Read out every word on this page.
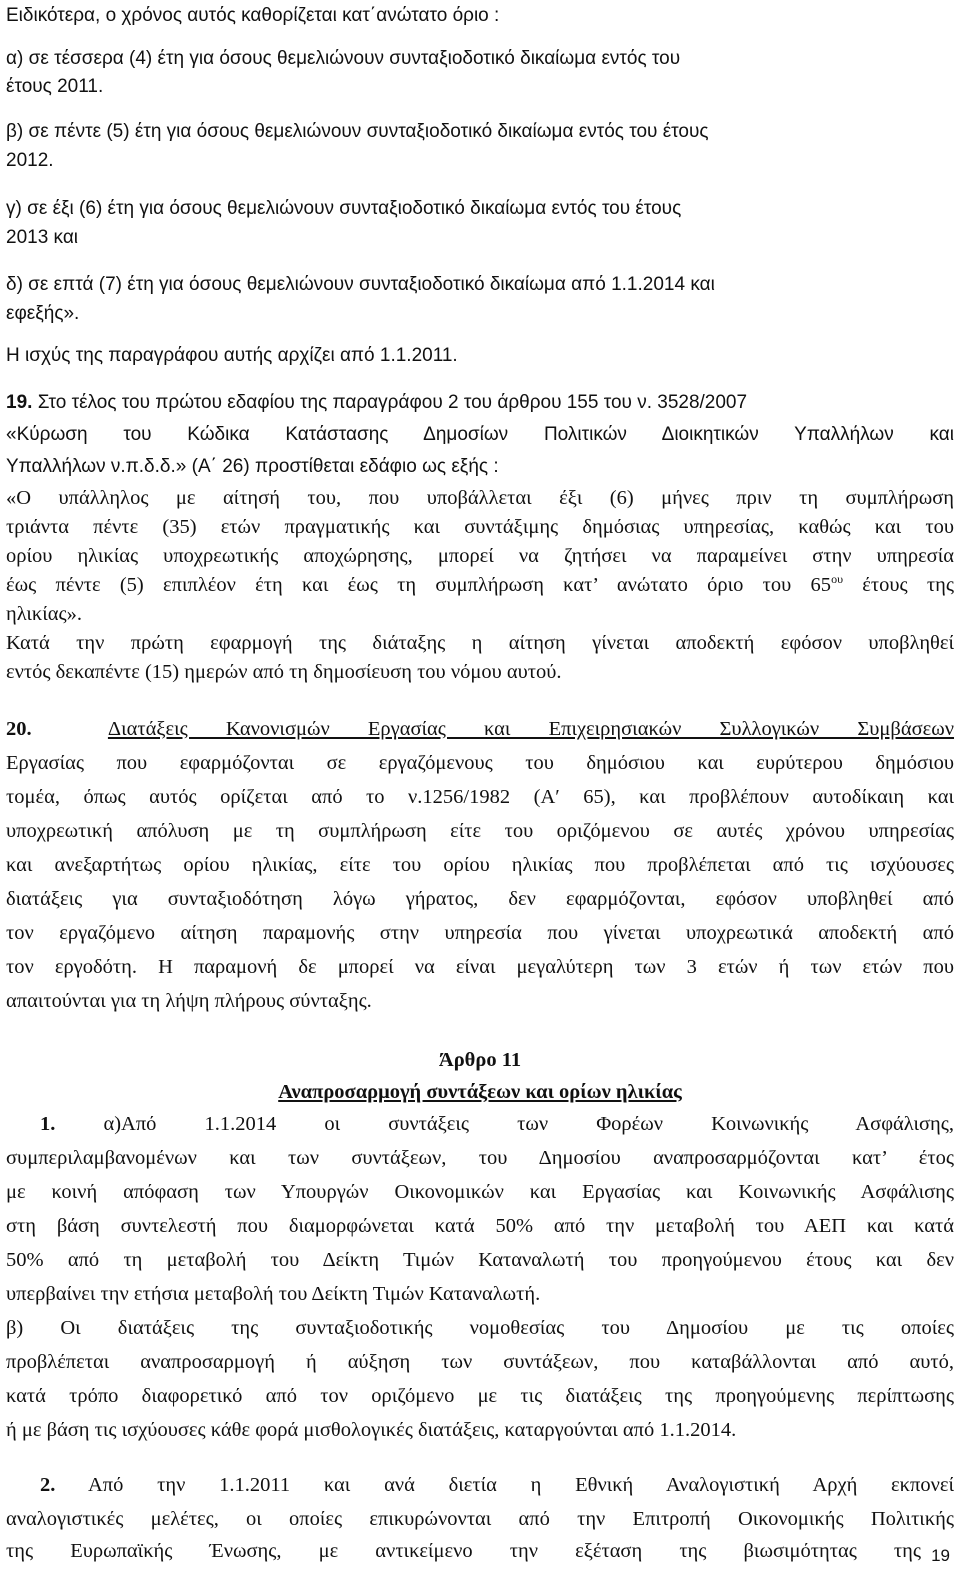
Ειδικότερα, ο χρόνος αυτός καθορίζεται κατ΄ανώτατο όριο :

α) σε τέσσερα (4) έτη για όσους θεμελιώνουν συνταξιοδοτικό δικαίωμα εντός του

έτους 2011.

β) σε πέντε (5) έτη για όσους θεμελιώνουν συνταξιοδοτικό δικαίωμα εντός του έτους

2012.

γ) σε έξι (6) έτη για όσους θεμελιώνουν συνταξιοδοτικό δικαίωμα εντός του έτους

2013 και

δ) σε επτά (7) έτη για όσους θεμελιώνουν συνταξιοδοτικό δικαίωμα από 1.1.2014 και

εφεξής».

Η ισχύς της παραγράφου αυτής αρχίζει από 1.1.2011.

19. Στο τέλος του πρώτου εδαφίου της παραγράφου 2 του άρθρου 155 του ν. 3528/2007

«Κύρωση του Κώδικα Κατάστασης Δημοσίων Πολιτικών Διοικητικών Υπαλλήλων και

Υπαλλήλων ν.π.δ.δ.» (Α΄ 26) προστίθεται εδάφιο ως εξής :

«Ο υπάλληλος με αίτησή του, που υποβάλλεται έξι (6) μήνες πριν τη συμπλήρωση

τριάντα πέντε (35) ετών πραγματικής και συντάξιμης δημόσιας υπηρεσίας, καθώς και του

ορίου ηλικίας υποχρεωτικής αποχώρησης, μπορεί να ζητήσει να παραμείνει στην υπηρεσία

έως πέντε (5) επιπλέον έτη και έως τη συμπλήρωση κατ’ ανώτατο όριο του $65^{o\upsilon}$ έτους της

ηλικίας».

Κατά την πρώτη εφαρμογή της διάταξης η αίτηση γίνεται αποδεκτή εφόσον υποβληθεί

εντός δεκαπέντε (15) ημερών από τη δημοσίευση του νόμου αυτού.

20.	Διατάξεις Κανονισμών Εργασίας και Επιχειρησιακών Συλλογικών Συμβάσεων

Εργασίας που εφαρμόζονται σε εργαζόμενους του δημόσιου και ευρύτερου δημόσιου

τομέα, όπως αυτός ορίζεται από το ν.1256/1982 (Α′ 65), και προβλέπουν αυτοδίκαιη και

υποχρεωτική απόλυση με τη συμπλήρωση είτε του οριζόμενου σε αυτές χρόνου υπηρεσίας

και ανεξαρτήτως ορίου ηλικίας, είτε του ορίου ηλικίας που προβλέπεται από τις ισχύουσες

διατάξεις για συνταξιοδότηση λόγω γήρατος, δεν εφαρμόζονται, εφόσον υποβληθεί από

τον εργαζόμενο αίτηση παραμονής στην υπηρεσία που γίνεται υποχρεωτικά αποδεκτή από

τον εργοδότη. Η παραμονή δε μπορεί να είναι μεγαλύτερη των 3 ετών ή των ετών που

απαιτούνται για τη λήψη πλήρους σύνταξης.

Άρθρο 11

Αναπροσαρμογή συντάξεων και ορίων ηλικίας

1. α)Από 1.1.2014 οι συντάξεις των Φορέων Κοινωνικής Ασφάλισης,

συμπεριλαμβανομένων και των συντάξεων, του Δημοσίου αναπροσαρμόζονται κατ’ έτος

με κοινή απόφαση των Υπουργών Οικονομικών και Εργασίας και Κοινωνικής Ασφάλισης

στη βάση συντελεστή που διαμορφώνεται κατά 50% από την μεταβολή του ΑΕΠ και κατά

50% από τη μεταβολή του Δείκτη Τιμών Καταναλωτή του προηγούμενου έτους και δεν

υπερβαίνει την ετήσια μεταβολή του Δείκτη Τιμών Καταναλωτή.

β) Οι διατάξεις της συνταξιοδοτικής νομοθεσίας του Δημοσίου με τις οποίες

προβλέπεται αναπροσαρμογή ή αύξηση των συντάξεων, που καταβάλλονται από αυτό,

κατά τρόπο διαφορετικό από τον οριζόμενο με τις διατάξεις της προηγούμενης περίπτωσης

ή με βάση τις ισχύουσες κάθε φορά μισθολογικές διατάξεις, καταργούνται από 1.1.2014.

2. Από την 1.1.2011 και ανά διετία η Εθνική Αναλογιστική Αρχή εκπονεί

αναλογιστικές μελέτες, οι οποίες επικυρώνονται από την Επιτροπή Οικονομικής Πολιτικής

της Ευρωπαϊκής Ένωσης, με αντικείμενο την εξέταση της βιωσιμότητας της 19
